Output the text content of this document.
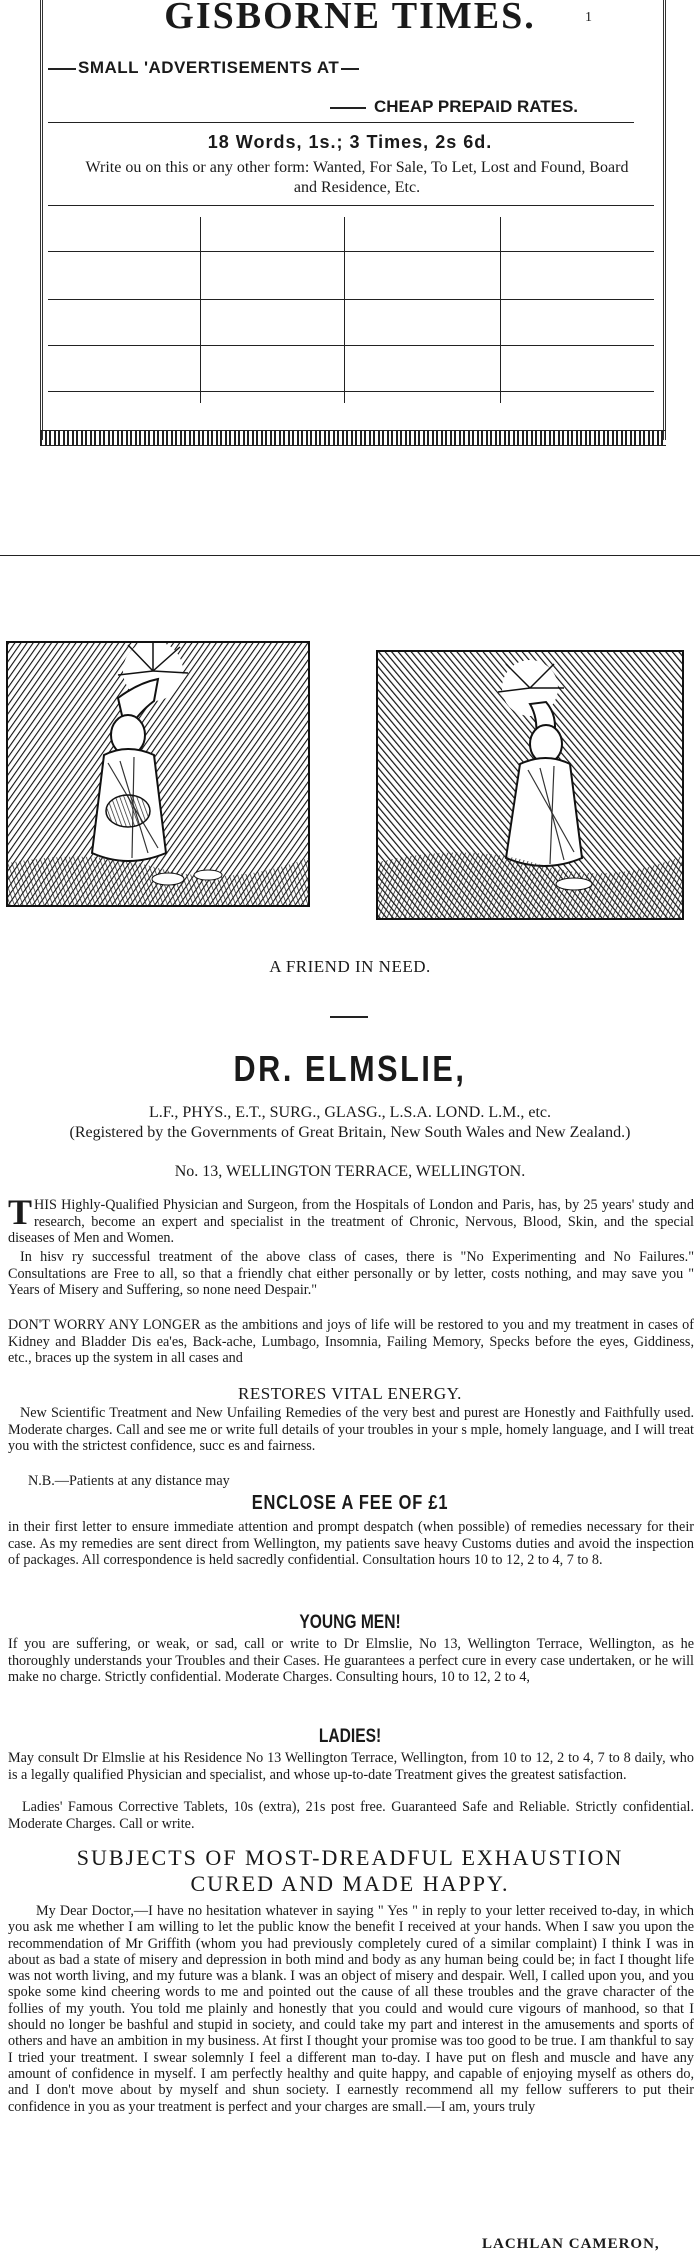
GISBORNE TIMES.	1
SMALL 'ADVERTISEMENTS AT
CHEAP PREPAID RATES.
18 Words, 1s.; 3 Times, 2s 6d.
Write ou on this or any other form: Wanted, For Sale, To Let, Lost and Found, Board and Residence, Etc.
A FRIEND IN NEED.
DR. ELMSLIE,
L.F., PHYS., E.T., SURG., GLASG., L.S.A. LOND. L.M., etc.
(Registered by the Governments of Great Britain, New South Wales and New Zealand.)
No. 13, WELLINGTON TERRACE, WELLINGTON.
THIS Highly-Qualified Physician and Surgeon, from the Hospitals of London and Paris, has, by 25 years' study and research, become an expert and specialist in the treatment of Chronic, Nervous, Blood, Skin, and the special diseases of Men and Women.
In hisv ry successful treatment of the above class of cases, there is "No Experimenting and No Failures." Consultations are Free to all, so that a friendly chat either personally or by letter, costs nothing, and may save you " Years of Misery and Suffering, so none need Despair."
DON'T WORRY ANY LONGER as the ambitions and joys of life will be restored to you and my treatment in cases of Kidney and Bladder Dis ea'es, Back-ache, Lumbago, Insomnia, Failing Memory, Specks before the eyes, Giddiness, etc., braces up the system in all cases and
RESTORES VITAL ENERGY.
New Scientific Treatment and New Unfailing Remedies of the very best and purest are Honestly and Faithfully used. Moderate charges. Call and see me or write full details of your troubles in your s mple, homely language, and I will treat you with the strictest confidence, succ es and fairness.
N.B.—Patients at any distance may
ENCLOSE A FEE OF £1
in their first letter to ensure immediate attention and prompt despatch (when possible) of remedies necessary for their case. As my remedies are sent direct from Wellington, my patients save heavy Customs duties and avoid the inspection of packages. All correspondence is held sacredly confidential. Consultation hours 10 to 12, 2 to 4, 7 to 8.
YOUNG MEN!
If you are suffering, or weak, or sad, call or write to Dr Elmslie, No 13, Wellington Terrace, Wellington, as he thoroughly understands your Troubles and their Cases. He guarantees a perfect cure in every case undertaken, or he will make no charge. Strictly confidential. Moderate Charges. Consulting hours, 10 to 12, 2 to 4,
LADIES!
May consult Dr Elmslie at his Residence No 13 Wellington Terrace, Wellington, from 10 to 12, 2 to 4, 7 to 8 daily, who is a legally qualified Physician and specialist, and whose up-to-date Treatment gives the greatest satisfaction.
Ladies' Famous Corrective Tablets, 10s (extra), 21s post free. Guaranteed Safe and Reliable. Strictly confidential. Moderate Charges. Call or write.
SUBJECTS OF MOST-DREADFUL EXHAUSTION
CURED AND MADE HAPPY.
My Dear Doctor,—I have no hesitation whatever in saying " Yes " in reply to your letter received to-day, in which you ask me whether I am willing to let the public know the benefit I received at your hands. When I saw you upon the recommendation of Mr Griffith (whom you had previously completely cured of a similar complaint) I think I was in about as bad a state of misery and depression in both mind and body as any human being could be; in fact I thought life was not worth living, and my future was a blank. I was an object of misery and despair. Well, I called upon you, and you spoke some kind cheering words to me and pointed out the cause of all these troubles and the grave character of the follies of my youth. You told me plainly and honestly that you could and would cure vigours of manhood, so that I should no longer be bashful and stupid in society, and could take my part and interest in the amusements and sports of others and have an ambition in my business. At first I thought your promise was too good to be true. I am thankful to say I tried your treatment. I swear solemnly I feel a different man to-day. I have put on flesh and muscle and have any amount of confidence in myself. I am perfectly healthy and quite happy, and capable of enjoying myself as others do, and I don't move about by myself and shun society. I earnestly recommend all my fellow sufferers to put their confidence in you as your treatment is perfect and your charges are small.—I am, yours truly
LACHLAN CAMERON,
